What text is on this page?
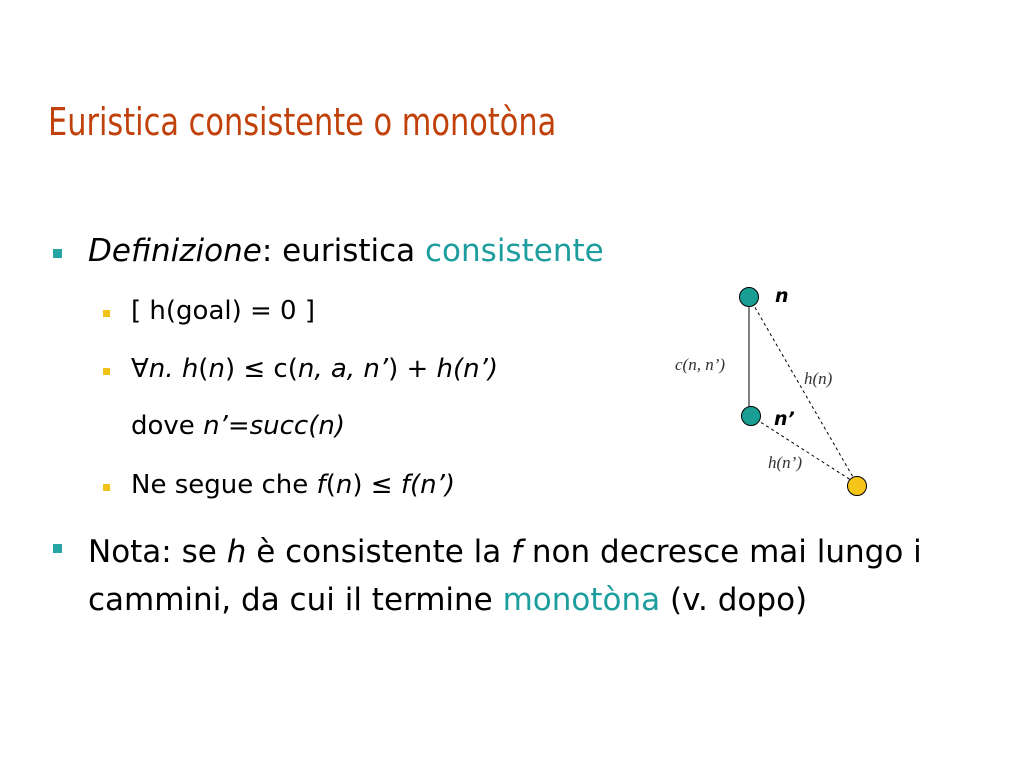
Euristica consistente o monotòna
Definizione: euristica consistente
[ h(goal) = 0 ]
∀n. h(n) ≤ c(n, a, n’) + h(n’)
dove n’=succ(n)
Ne segue che f(n) ≤ f(n’)
Nota: se h è consistente la f non decresce mai lungo i cammini, da cui il termine monotòna (v. dopo)
n
n’
c(n, n’)
h(n)
h(n’)
